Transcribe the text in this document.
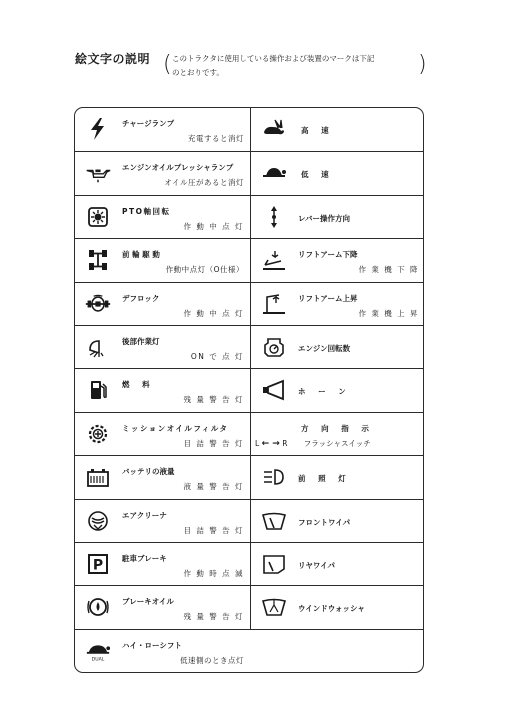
絵文字の説明 ( このトラクタに使用している操作および装置のマークは下記
のとおりです。	)
チャージランプ
充電すると消灯
エンジンオイルプレッシャランプ
オイル圧があると消灯
PTO軸回転
作 動 中 点 灯
前 輪 駆 動
作動中点灯（O仕様）
デフロック
作 動 中 点 灯
後部作業灯
ON で 点 灯
燃 料
残 量 警 告 灯
ミッションオイルフィルタ
目 詰 警 告 灯
バッテリの液量
液 量 警 告 灯
エアクリーナ
目 詰 警 告 灯
P	駐車ブレーキ
作 動 時 点 滅
ブレーキオイル
残 量 警 告 灯
DUAL
ハイ・ローシフト
低速側のとき点灯
高 速
低 速
レバー操作方向
リフトアーム下降
作 業 機 下 降
リフトアーム上昇
作 業 機 上 昇
エンジン回転数
ホ ー ン
方 向 指 示
L ← → R フラッシャスイッチ
前 照 灯
フロントワイパ
リヤワイパ
ウインドウォッシャ
